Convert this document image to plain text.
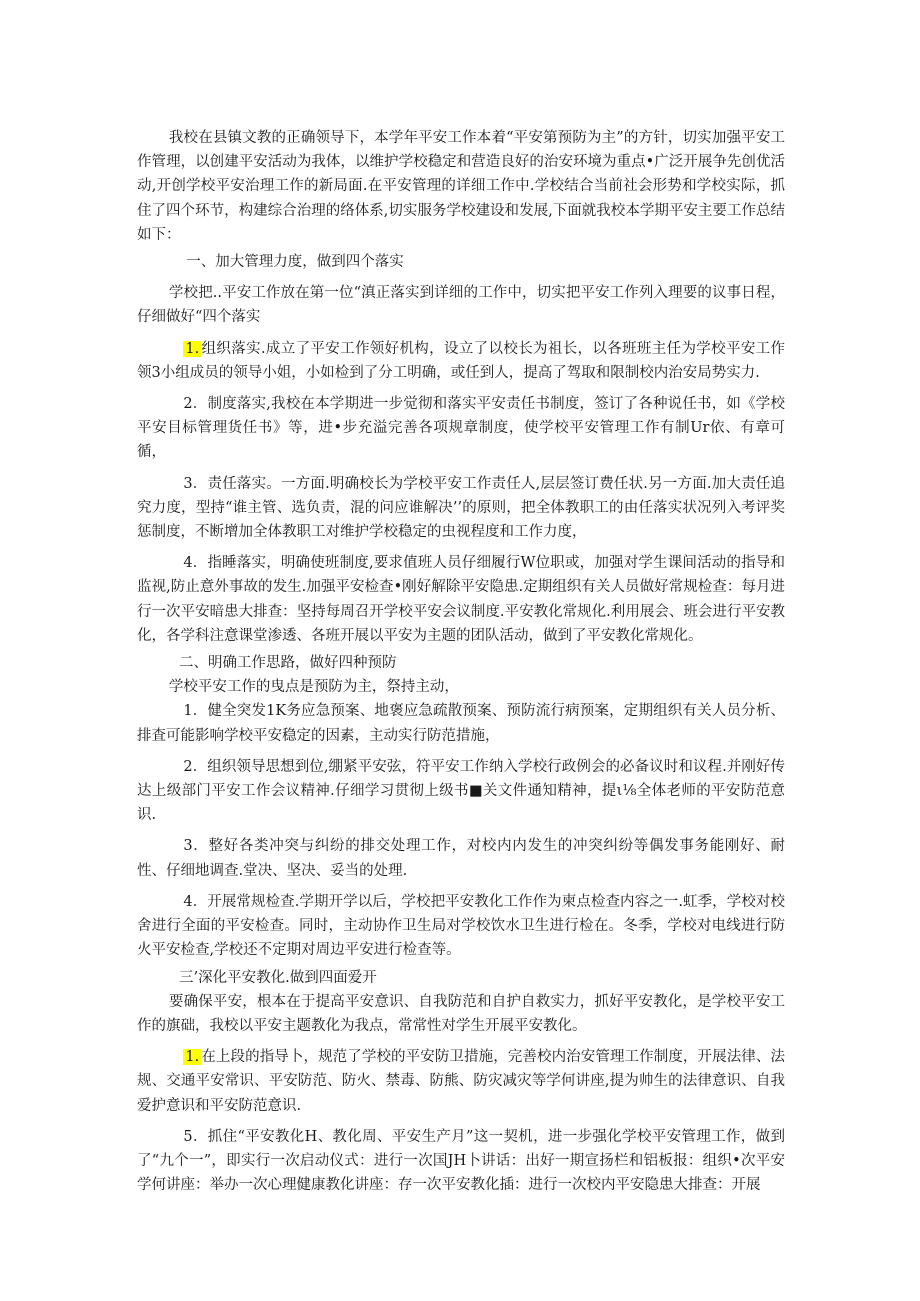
我校在县镇文教的正确领导下，本学年平安工作本着“平安第预防为主”的方针，切实加强平安工作管理，以创建平安活动为我体，以维护学校稳定和营造良好的治安环境为重点•广泛开展争先创优活动,开创学校平安治理工作的新局面.在平安管理的详细工作中.学校结合当前社会形势和学校实际，抓住了四个环节，构建综合治理的络体系,切实服务学校建设和发展,下面就我校本学期平安主要工作总结如下：

一、加大管理力度，做到四个落实

学校把..平安工作放在第一位“滇正落实到详细的工作中，切实把平安工作列入理要的议事日程，仔细做好“四个落实

1. 组织落实.成立了平安工作领好机构，设立了以校长为祖长，以各班班主任为学校平安工作领3小组成员的领导小姐，小如检到了分工明确，或任到人，提高了驾取和限制校内治安局势实力.

2．制度落实,我校在本学期进一步觉彻和落实平安责任书制度，签订了各种说任书，如《学校平安目标管理货任书》等，进•步充溢完善各项规章制度，使学校平安管理工作有制Ur依、有章可循，

3．责任落实。一方面.明确校长为学校平安工作责任人,层层签订费任状.另一方面.加大责任追究力度，型持“谁主管、选负责，混的问应谁解决’’的原则，把全体教职工的由任落实状况列入考评奖惩制度，不断增加全体教职工对维护学校稳定的虫视程度和工作力度，

4．指睡落实，明确使班制度,要求值班人员仔细履行W位职或，加强对学生课间活动的指导和监视,防止意外事故的发生.加强平安检查•刚好解除平安隐患.定期组织有关人员做好常规检查：每月进行一次平安暗患大排查：坚持每周召开学校平安会议制度.平安教化常规化.利用展会、班会进行平安教化，各学科注意课堂渗透、各班开展以平安为主题的团队活动，做到了平安教化常规化。

二、明确工作思路，做好四种预防

学校平安工作的曳点是预防为主，祭持主动，

1．健全突发1K务应急预案、地褒应急疏散预案、预防流行病预案，定期组织有关人员分析、排査可能影响学校平安稳定的因素，主动实行防范措施，

2．组织领导思想到位,绷紧平安弦，符平安工作纳入学校行政例会的必备议时和议程.并刚好传达上级部门平安工作会议精神.仔细学习贯彻上级书■关文件通知精神，提ι⅛全体老师的平安防范意识.

3．整好各类冲突与纠纷的排交处理工作，对校内内发生的冲突纠纷等偶发事务能刚好、耐性、仔细地调查.堂决、坚决、妥当的处理.

4．开展常规检查.学期开学以后，学校把平安教化工作作为柬点检查内容之一.虹季，学校对校舍进行全面的平安检查。同时，主动协作卫生局对学校饮水卫生进行检在。冬季，学校对电线进行防火平安检查,学校还不定期对周边平安进行检查等。

三’深化平安教化.做到四面爱开

要确保平安，根本在于提高平安意识、自我防范和自护自救实力，抓好平安教化，是学校平安工作的旗础，我校以平安主题教化为我点，常常性对学生开展平安教化。

1. 在上段的指导卜，规范了学校的平安防卫措施，完善校内治安管理工作制度，开展法律、法规、交通平安常识、平安防范、防火、禁毒、防熊、防灾减灾等学何讲座,提为帅生的法律意识、自我爱护意识和平安防范意识.

5．抓住“平安教化H、教化周、平安生产月”这一契机，进一步强化学校平安管理工作，做到了“九个一”，即实行一次启动仪式：进行一次国JH卜讲话：出好一期宣扬栏和铝板报：组织•次平安学何讲座：举办一次心理健康教化讲座：存一次平安教化插：进行一次校内平安隐患大排查：开展
